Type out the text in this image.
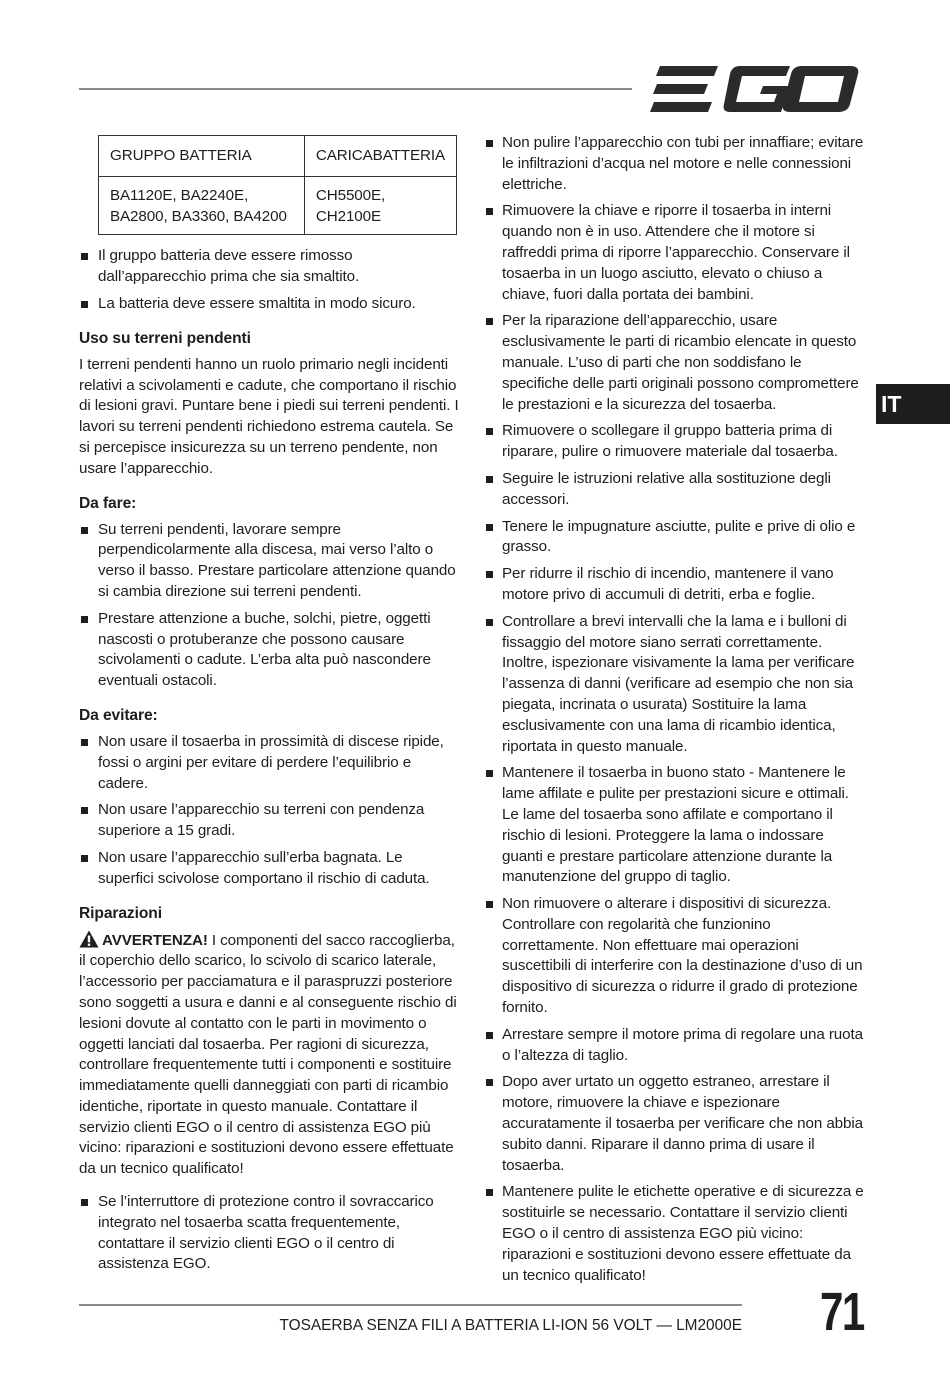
GRUPPO BATTERIA	CARICABATTERIA
BA1120E, BA2240E, BA2800, BA3360, BA4200	CH5500E, CH2100E
Il gruppo batteria deve essere rimosso dall’apparecchio prima che sia smaltito.
La batteria deve essere smaltita in modo sicuro.
Uso su terreni pendenti

I terreni pendenti hanno un ruolo primario negli incidenti relativi a scivolamenti e cadute, che comportano il rischio di lesioni gravi. Puntare bene i piedi sui terreni pendenti. I lavori su terreni pendenti richiedono estrema cautela. Se si percepisce insicurezza su un terreno pendente, non usare l’apparecchio.

Da fare:
Su terreni pendenti, lavorare sempre perpendicolarmente alla discesa, mai verso l’alto o verso il basso. Prestare particolare attenzione quando si cambia direzione sui terreni pendenti.
Prestare attenzione a buche, solchi, pietre, oggetti nascosti o protuberanze che possono causare scivolamenti o cadute. L’erba alta può nascondere eventuali ostacoli.
Da evitare:
Non usare il tosaerba in prossimità di discese ripide, fossi o argini per evitare di perdere l’equilibrio e cadere.
Non usare l’apparecchio su terreni con pendenza superiore a 15 gradi.
Non usare l’apparecchio sull’erba bagnata. Le superfici scivolose comportano il rischio di caduta.
Riparazioni

AVVERTENZA! I componenti del sacco raccoglierba, il coperchio dello scarico, lo scivolo di scarico laterale, l’accessorio per pacciamatura e il paraspruzzi posteriore sono soggetti a usura e danni e al conseguente rischio di lesioni dovute al contatto con le parti in movimento o oggetti lanciati dal tosaerba. Per ragioni di sicurezza, controllare frequentemente tutti i componenti e sostituire immediatamente quelli danneggiati con parti di ricambio identiche, riportate in questo manuale. Contattare il servizio clienti EGO o il centro di assistenza EGO più vicino: riparazioni e sostituzioni devono essere effettuate da un tecnico qualificato!

Se l’interruttore di protezione contro il sovraccarico integrato nel tosaerba scatta frequentemente, contattare il servizio clienti EGO o il centro di assistenza EGO.
Non pulire l’apparecchio con tubi per innaffiare; evitare le infiltrazioni d’acqua nel motore e nelle connessioni elettriche.
Rimuovere la chiave e riporre il tosaerba in interni quando non è in uso. Attendere che il motore si raffreddi prima di riporre l’apparecchio. Conservare il tosaerba in un luogo asciutto, elevato o chiuso a chiave, fuori dalla portata dei bambini.
Per la riparazione dell’apparecchio, usare esclusivamente le parti di ricambio elencate in questo manuale. L’uso di parti che non soddisfano le specifiche delle parti originali possono compromettere le prestazioni e la sicurezza del tosaerba.
Rimuovere o scollegare il gruppo batteria prima di riparare, pulire o rimuovere materiale dal tosaerba.
Seguire le istruzioni relative alla sostituzione degli accessori.
Tenere le impugnature asciutte, pulite e prive di olio e grasso.
Per ridurre il rischio di incendio, mantenere il vano motore privo di accumuli di detriti, erba e foglie.
Controllare a brevi intervalli che la lama e i bulloni di fissaggio del motore siano serrati correttamente. Inoltre, ispezionare visivamente la lama per verificare l’assenza di danni (verificare ad esempio che non sia piegata, incrinata o usurata) Sostituire la lama esclusivamente con una lama di ricambio identica, riportata in questo manuale.
Mantenere il tosaerba in buono stato - Mantenere le lame affilate e pulite per prestazioni sicure e ottimali. Le lame del tosaerba sono affilate e comportano il rischio di lesioni. Proteggere la lama o indossare guanti e prestare particolare attenzione durante la manutenzione del gruppo di taglio.
Non rimuovere o alterare i dispositivi di sicurezza. Controllare con regolarità che funzionino correttamente. Non effettuare mai operazioni suscettibili di interferire con la destinazione d’uso di un dispositivo di sicurezza o ridurre il grado di protezione fornito.
Arrestare sempre il motore prima di regolare una ruota o l’altezza di taglio.
Dopo aver urtato un oggetto estraneo, arrestare il motore, rimuovere la chiave e ispezionare accuratamente il tosaerba per verificare che non abbia subito danni. Riparare il danno prima di usare il tosaerba.
Mantenere pulite le etichette operative e di sicurezza e sostituirle se necessario. Contattare il servizio clienti EGO o il centro di assistenza EGO più vicino: riparazioni e sostituzioni devono essere effettuate da un tecnico qualificato!
IT
TOSAERBA SENZA FILI A BATTERIA LI-ION 56 VOLT — LM2000E 71
